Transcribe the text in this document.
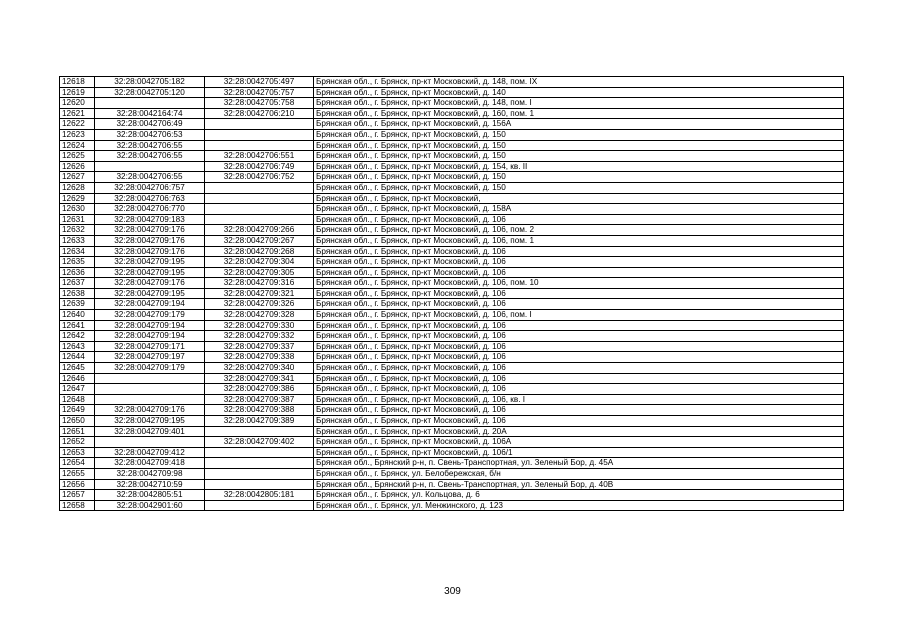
12618	32:28:0042705:182	32:28:0042705:497	Брянская обл., г. Брянск, пр-кт Московский, д. 148, пом. IX
12619	32:28:0042705:120	32:28:0042705:757	Брянская обл., г. Брянск, пр-кт Московский, д. 140
12620		32:28:0042705:758	Брянская обл., г. Брянск, пр-кт Московский, д. 148, пом. I
12621	32:28:0042164:74	32:28:0042706:210	Брянская обл., г. Брянск, пр-кт Московский, д. 160, пом. 1
12622	32:28:0042706:49		Брянская обл., г. Брянск, пр-кт Московский, д. 156А
12623	32:28:0042706:53		Брянская обл., г. Брянск, пр-кт Московский, д. 150
12624	32:28:0042706:55		Брянская обл., г. Брянск, пр-кт Московский, д. 150
12625	32:28:0042706:55	32:28:0042706:551	Брянская обл., г. Брянск, пр-кт Московский, д. 150
12626		32:28:0042706:749	Брянская обл., г. Брянск, пр-кт Московский, д. 154, кв. II
12627	32:28:0042706:55	32:28:0042706:752	Брянская обл., г. Брянск, пр-кт Московский, д. 150
12628	32:28:0042706:757		Брянская обл., г. Брянск, пр-кт Московский, д. 150
12629	32:28:0042706:763		Брянская обл., г. Брянск, пр-кт Московский,
12630	32:28:0042706:770		Брянская обл., г. Брянск, пр-кт Московский, д. 158А
12631	32:28:0042709:183		Брянская обл., г. Брянск, пр-кт Московский, д. 106
12632	32:28:0042709:176	32:28:0042709:266	Брянская обл., г. Брянск, пр-кт Московский, д. 106, пом. 2
12633	32:28:0042709:176	32:28:0042709:267	Брянская обл., г. Брянск, пр-кт Московский, д. 106, пом. 1
12634	32:28:0042709:176	32:28:0042709:268	Брянская обл., г. Брянск, пр-кт Московский, д. 106
12635	32:28:0042709:195	32:28:0042709:304	Брянская обл., г. Брянск, пр-кт Московский, д. 106
12636	32:28:0042709:195	32:28:0042709:305	Брянская обл., г. Брянск, пр-кт Московский, д. 106
12637	32:28:0042709:176	32:28:0042709:316	Брянская обл., г. Брянск, пр-кт Московский, д. 106, пом. 10
12638	32:28:0042709:195	32:28:0042709:321	Брянская обл., г. Брянск, пр-кт Московский, д. 106
12639	32:28:0042709:194	32:28:0042709:326	Брянская обл., г. Брянск, пр-кт Московский, д. 106
12640	32:28:0042709:179	32:28:0042709:328	Брянская обл., г. Брянск, пр-кт Московский, д. 106, пом. I
12641	32:28:0042709:194	32:28:0042709:330	Брянская обл., г. Брянск, пр-кт Московский, д. 106
12642	32:28:0042709:194	32:28:0042709:332	Брянская обл., г. Брянск, пр-кт Московский, д. 106
12643	32:28:0042709:171	32:28:0042709:337	Брянская обл., г. Брянск, пр-кт Московский, д. 106
12644	32:28:0042709:197	32:28:0042709:338	Брянская обл., г. Брянск, пр-кт Московский, д. 106
12645	32:28:0042709:179	32:28:0042709:340	Брянская обл., г. Брянск, пр-кт Московский, д. 106
12646		32:28:0042709:341	Брянская обл., г. Брянск, пр-кт Московский, д. 106
12647		32:28:0042709:386	Брянская обл., г. Брянск, пр-кт Московский, д. 106
12648		32:28:0042709:387	Брянская обл., г. Брянск, пр-кт Московский, д. 106, кв. I
12649	32:28:0042709:176	32:28:0042709:388	Брянская обл., г. Брянск, пр-кт Московский, д. 106
12650	32:28:0042709:195	32:28:0042709:389	Брянская обл., г. Брянск, пр-кт Московский, д. 106
12651	32:28:0042709:401		Брянская обл., г. Брянск, пр-кт Московский, д. 20А
12652		32:28:0042709:402	Брянская обл., г. Брянск, пр-кт Московский, д. 106А
12653	32:28:0042709:412		Брянская обл., г. Брянск, пр-кт Московский, д. 106/1
12654	32:28:0042709:418		Брянская обл., Брянский р-н, п. Свень-Транспортная, ул. Зеленый Бор, д. 45А
12655	32:28:0042709:98		Брянская обл., г. Брянск, ул. Белобережская, б/н
12656	32:28:0042710:59		Брянская обл., Брянский р-н, п. Свень-Транспортная, ул. Зеленый Бор, д. 40В
12657	32:28:0042805:51	32:28:0042805:181	Брянская обл., г. Брянск, ул. Кольцова, д. 6
12658	32:28:0042901:60		Брянская обл., г. Брянск, ул. Менжинского, д. 123
309
